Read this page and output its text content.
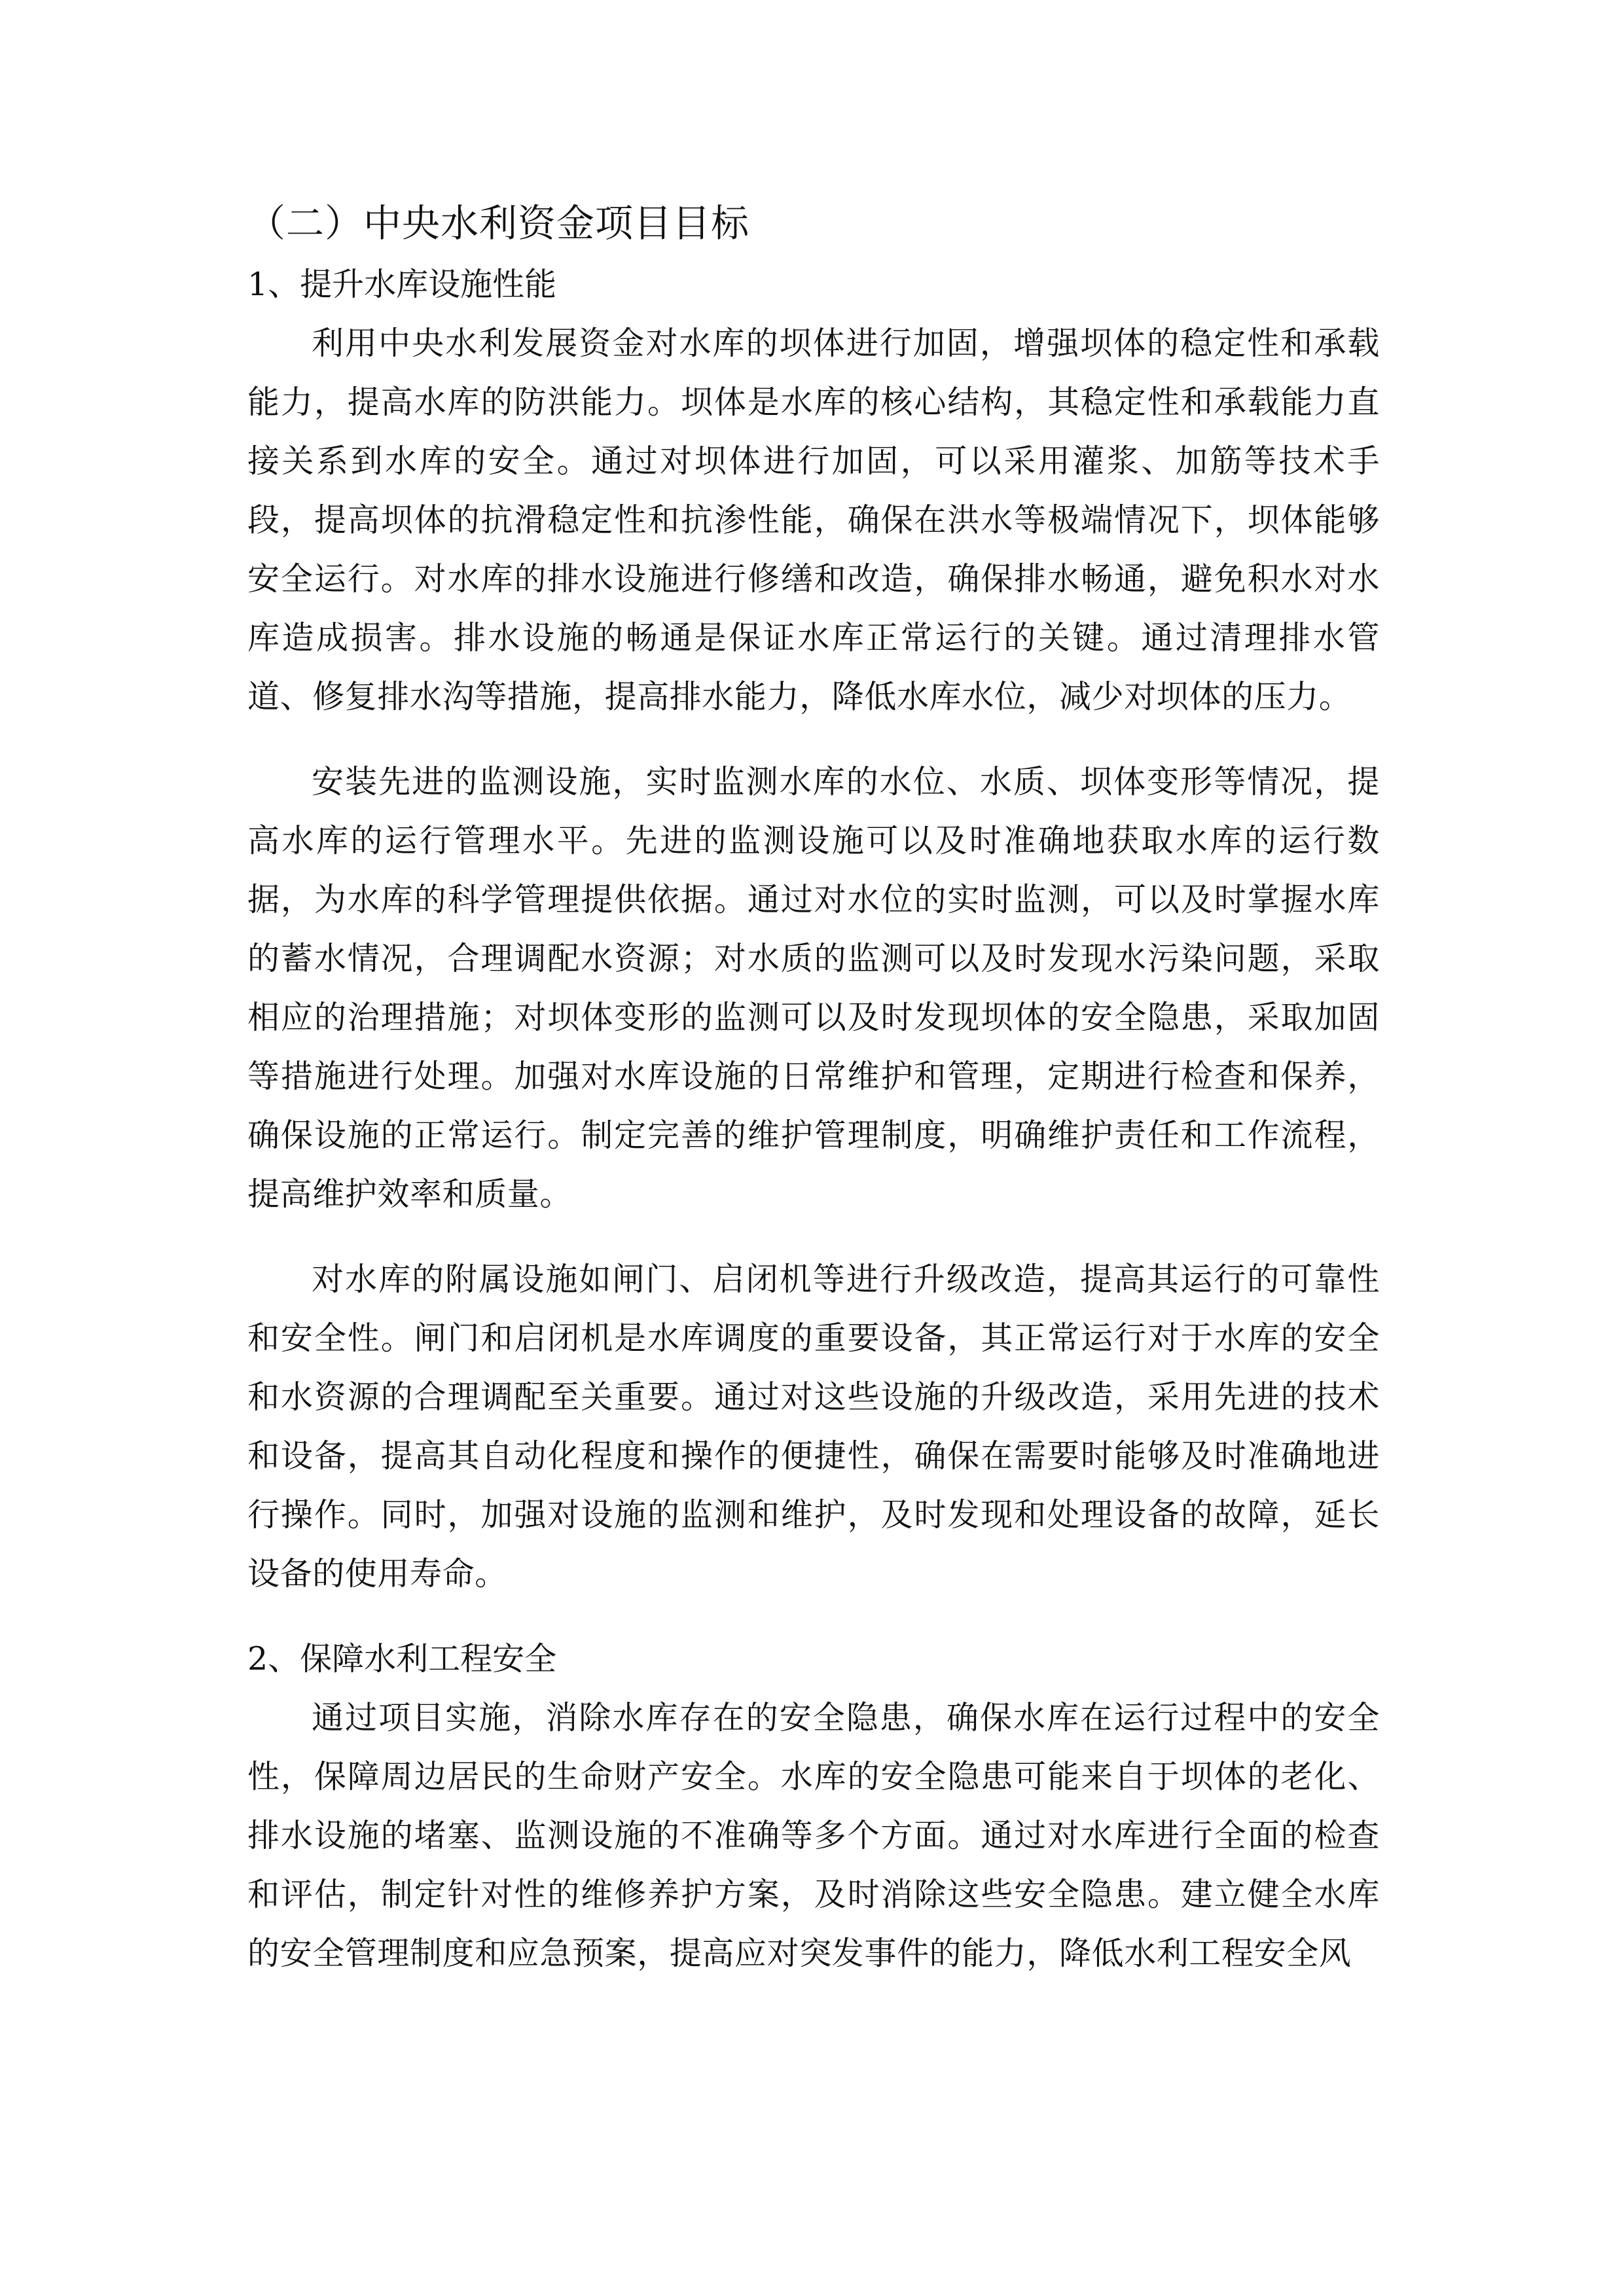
（二）中央水利资金项目目标
1、提升水库设施性能

利用中央水利发展资金对水库的坝体进行加固，增强坝体的稳定性和承载能力，提高水库的防洪能力。坝体是水库的核心结构，其稳定性和承载能力直接关系到水库的安全。通过对坝体进行加固，可以采用灌浆、加筋等技术手段，提高坝体的抗滑稳定性和抗渗性能，确保在洪水等极端情况下，坝体能够安全运行。对水库的排水设施进行修缮和改造，确保排水畅通，避免积水对水库造成损害。排水设施的畅通是保证水库正常运行的关键。通过清理排水管道、修复排水沟等措施，提高排水能力，降低水库水位，减少对坝体的压力。

安装先进的监测设施，实时监测水库的水位、水质、坝体变形等情况，提高水库的运行管理水平。先进的监测设施可以及时准确地获取水库的运行数据，为水库的科学管理提供依据。通过对水位的实时监测，可以及时掌握水库的蓄水情况，合理调配水资源；对水质的监测可以及时发现水污染问题，采取相应的治理措施；对坝体变形的监测可以及时发现坝体的安全隐患，采取加固等措施进行处理。加强对水库设施的日常维护和管理，定期进行检查和保养，确保设施的正常运行。制定完善的维护管理制度，明确维护责任和工作流程，提高维护效率和质量。

对水库的附属设施如闸门、启闭机等进行升级改造，提高其运行的可靠性和安全性。闸门和启闭机是水库调度的重要设备，其正常运行对于水库的安全和水资源的合理调配至关重要。通过对这些设施的升级改造，采用先进的技术和设备，提高其自动化程度和操作的便捷性，确保在需要时能够及时准确地进行操作。同时，加强对设施的监测和维护，及时发现和处理设备的故障，延长设备的使用寿命。

2、保障水利工程安全

通过项目实施，消除水库存在的安全隐患，确保水库在运行过程中的安全性，保障周边居民的生命财产安全。水库的安全隐患可能来自于坝体的老化、排水设施的堵塞、监测设施的不准确等多个方面。通过对水库进行全面的检查和评估，制定针对性的维修养护方案，及时消除这些安全隐患。建立健全水库的安全管理制度和应急预案，提高应对突发事件的能力，降低水利工程安全风
